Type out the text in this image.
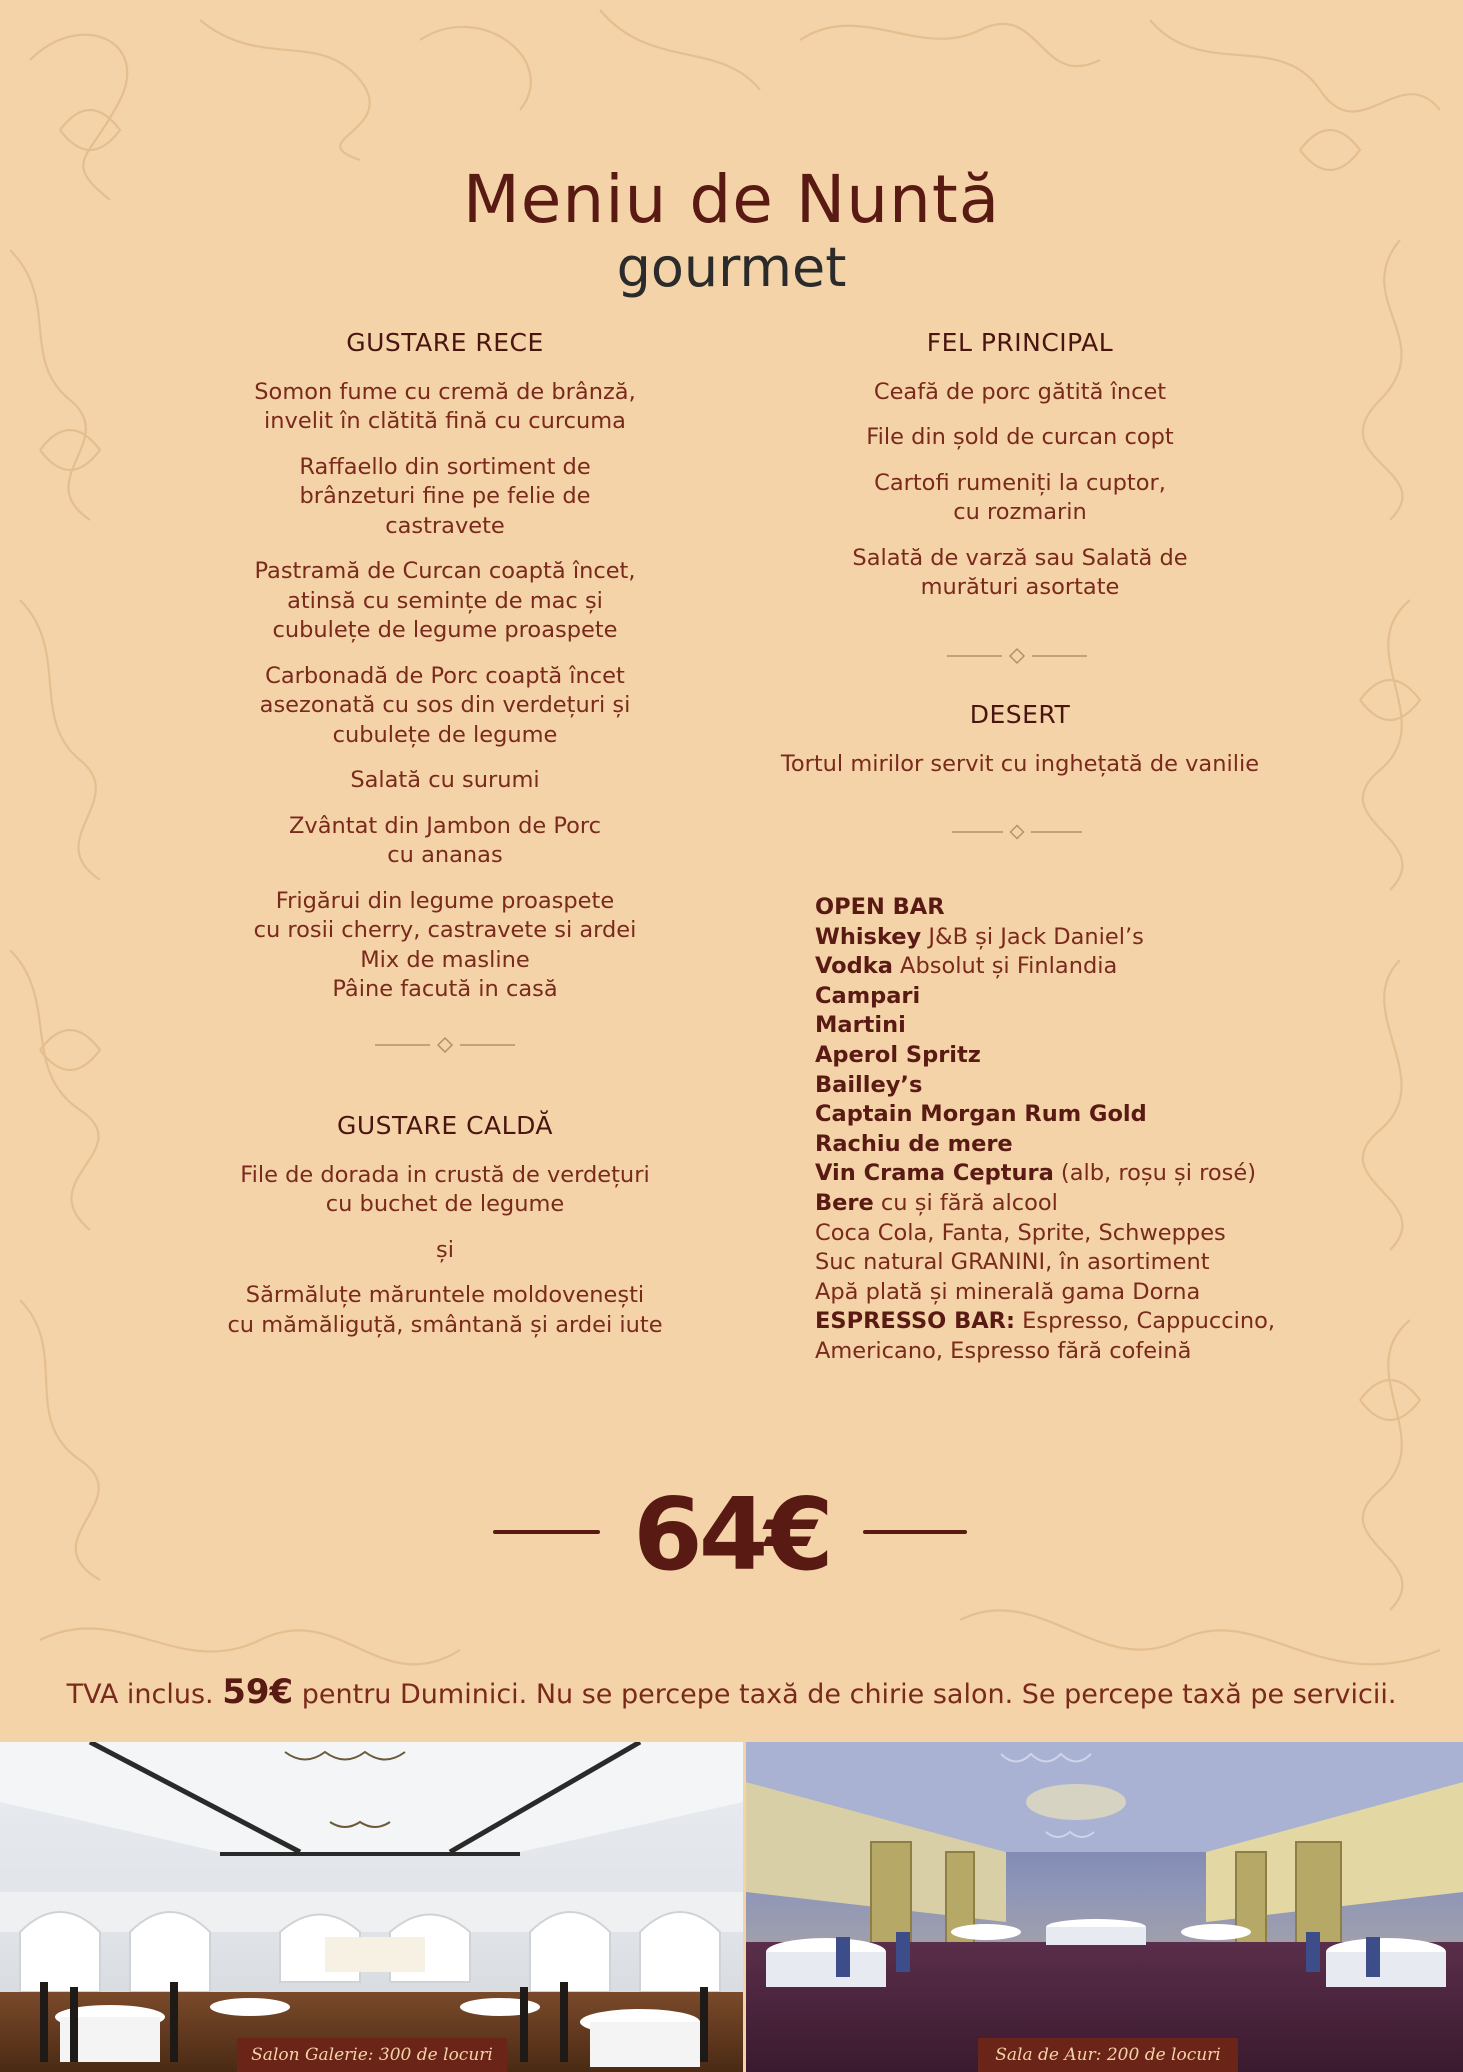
Meniu de Nuntă
gourmet
GUSTARE RECE
Somon fume cu cremă de brânză,
invelit în clătită fină cu curcuma
Raffaello din sortiment de
brânzeturi fine pe felie de
castravete
Pastramă de Curcan coaptă încet,
atinsă cu semințe de mac și
cubulețe de legume proaspete
Carbonadă de Porc coaptă încet
asezonată cu sos din verdețuri și
cubulețe de legume
Salată cu surumi
Zvântat din Jambon de Porc
cu ananas
Frigărui din legume proaspete
cu rosii cherry, castravete si ardei
Mix de masline
Pâine facută in casă
GUSTARE CALDĂ
File de dorada in crustă de verdețuri
cu buchet de legume
și
Sărmăluțe măruntele moldovenești
cu mămăliguță, smântană și ardei iute
FEL PRINCIPAL
Ceafă de porc gătită încet
File din șold de curcan copt
Cartofi rumeniți la cuptor,
cu rozmarin
Salată de varză sau Salată de
murături asortate
DESERT
Tortul mirilor servit cu inghețată de vanilie
OPEN BAR
Whiskey J&B și Jack Daniel’s
Vodka Absolut și Finlandia
Campari
Martini
Aperol Spritz
Bailley’s
Captain Morgan Rum Gold
Rachiu de mere
Vin Crama Ceptura (alb, roșu și rosé)
Bere cu și fără alcool
Coca Cola, Fanta, Sprite, Schweppes
Suc natural GRANINI, în asortiment
Apă plată și minerală gama Dorna
ESPRESSO BAR: Espresso, Cappuccino,
Americano, Espresso fără cofeină
64€
TVA inclus. 59€ pentru Duminici. Nu se percepe taxă de chirie salon. Se percepe taxă pe servicii.
Salon Galerie: 300 de locuri	Sala de Aur: 200 de locuri
